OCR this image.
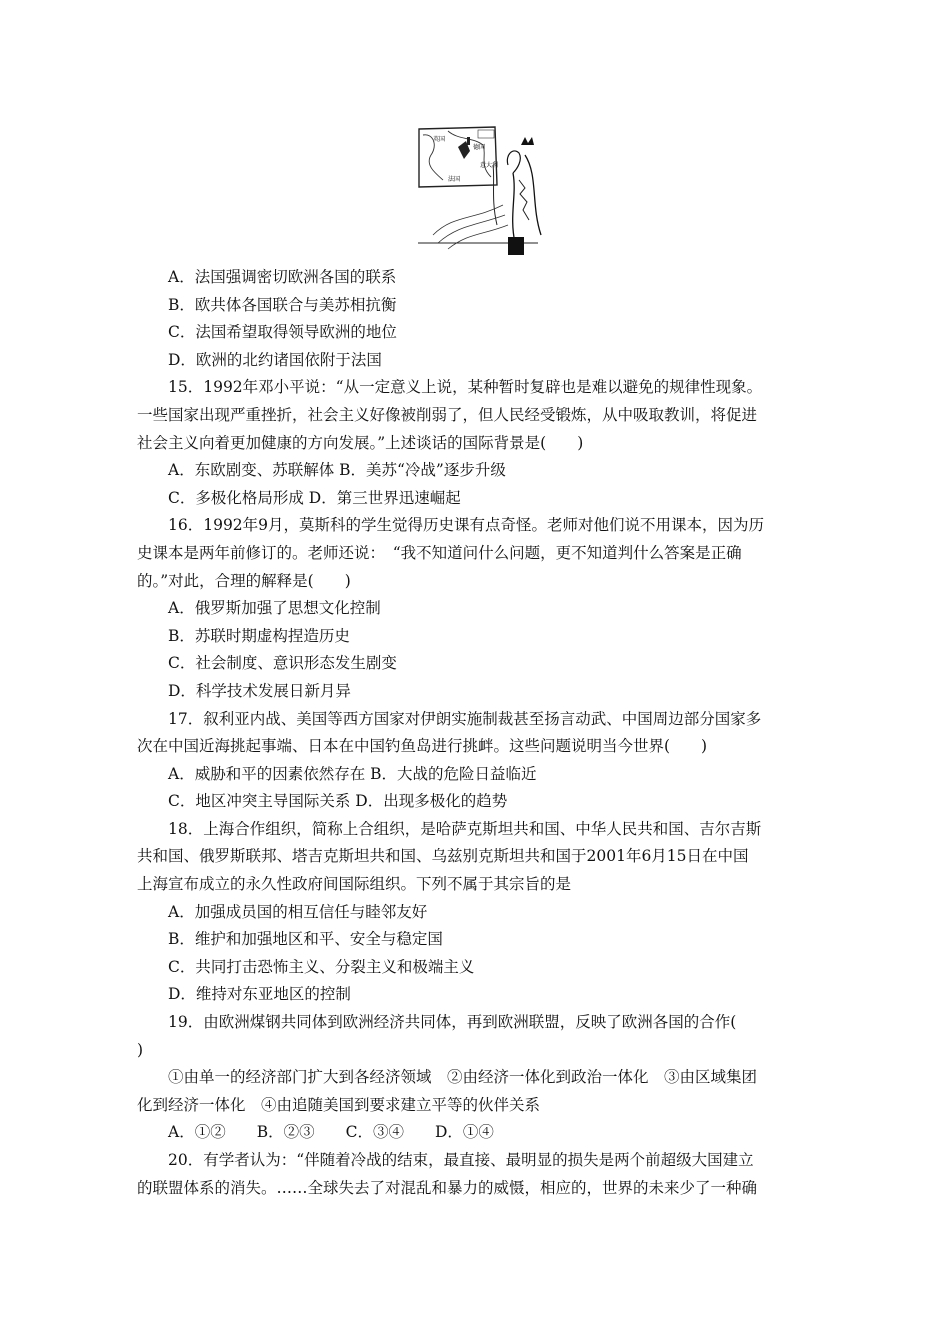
英国
德国
法国
意大利
A．法国强调密切欧洲各国的联系
B．欧共体各国联合与美苏相抗衡
C．法国希望取得领导欧洲的地位
D．欧洲的北约诸国依附于法国
15．1992年邓小平说：“从一定意义上说，某种暂时复辟也是难以避免的规律性现象。
一些国家出现严重挫折，社会主义好像被削弱了，但人民经受锻炼，从中吸取教训，将促进
社会主义向着更加健康的方向发展。”上述谈话的国际背景是(　　)
A．东欧剧变、苏联解体 B．美苏“冷战”逐步升级
C．多极化格局形成 D．第三世界迅速崛起
16．1992年9月，莫斯科的学生觉得历史课有点奇怪。老师对他们说不用课本，因为历
史课本是两年前修订的。老师还说：　“我不知道问什么问题，更不知道判什么答案是正确
的。”对此，合理的解释是(　　)
A．俄罗斯加强了思想文化控制
B．苏联时期虚构捏造历史
C．社会制度、意识形态发生剧变
D．科学技术发展日新月异
17．叙利亚内战、美国等西方国家对伊朗实施制裁甚至扬言动武、中国周边部分国家多
次在中国近海挑起事端、日本在中国钓鱼岛进行挑衅。这些问题说明当今世界(　　)
A．威胁和平的因素依然存在 B．大战的危险日益临近
C．地区冲突主导国际关系 D．出现多极化的趋势
18．上海合作组织，简称上合组织，是哈萨克斯坦共和国、中华人民共和国、吉尔吉斯
共和国、俄罗斯联邦、塔吉克斯坦共和国、乌兹别克斯坦共和国于2001年6月15日在中国
上海宣布成立的永久性政府间国际组织。下列不属于其宗旨的是
A．加强成员国的相互信任与睦邻友好
B．维护和加强地区和平、安全与稳定国
C．共同打击恐怖主义、分裂主义和极端主义
D．维持对东亚地区的控制
19．由欧洲煤钢共同体到欧洲经济共同体，再到欧洲联盟，反映了欧洲各国的合作(
)
①由单一的经济部门扩大到各经济领域　②由经济一体化到政治一体化　③由区域集团
化到经济一体化　④由追随美国到要求建立平等的伙伴关系
A．①②　　B．②③　　C．③④　　D．①④
20．有学者认为：“伴随着冷战的结束，最直接、最明显的损失是两个前超级大国建立
的联盟体系的消失。……全球失去了对混乱和暴力的威慑，相应的，世界的未来少了一种确
